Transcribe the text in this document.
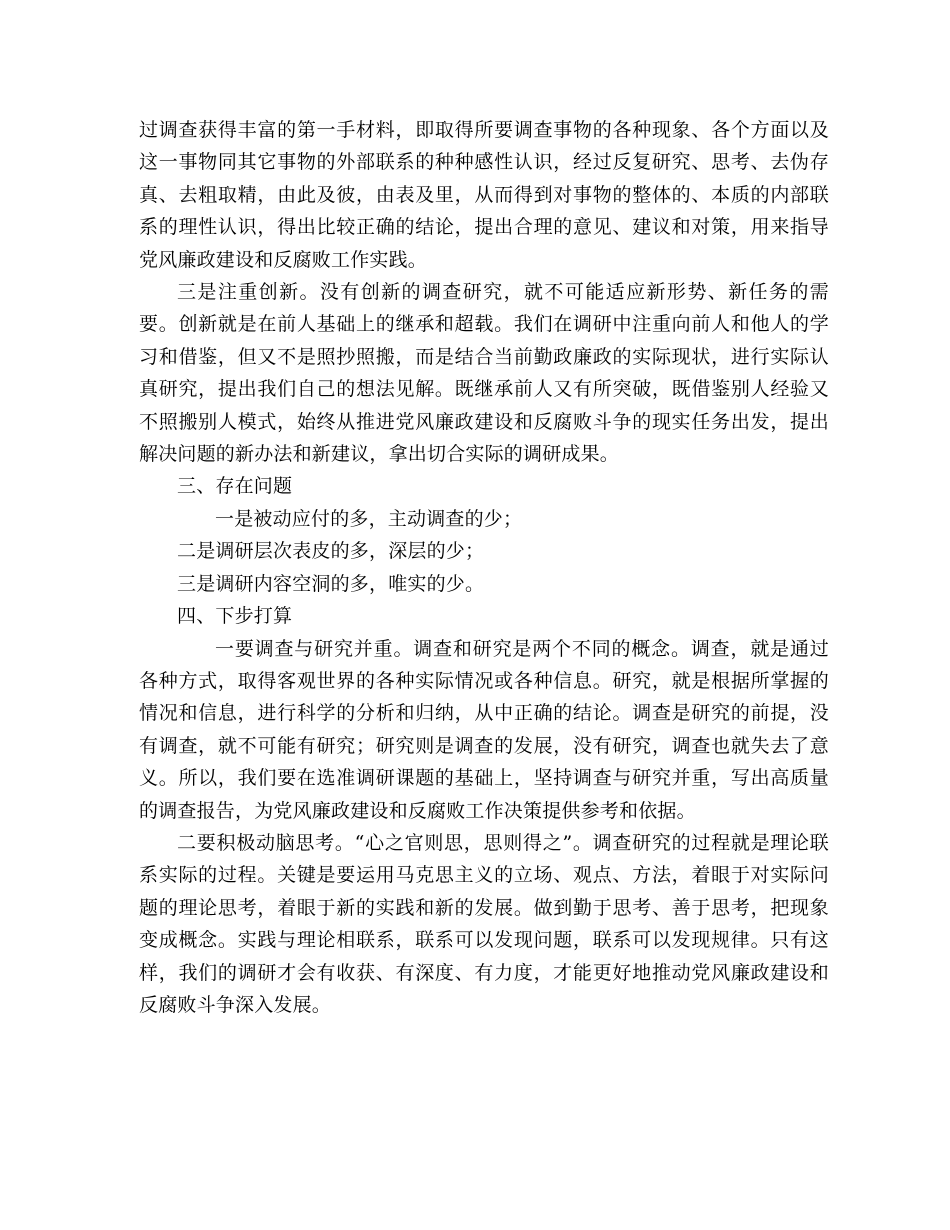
过调查获得丰富的第一手材料，即取得所要调查事物的各种现象、各个方面以及这一事物同其它事物的外部联系的种种感性认识，经过反复研究、思考、去伪存真、去粗取精，由此及彼，由表及里，从而得到对事物的整体的、本质的内部联系的理性认识，得出比较正确的结论，提出合理的意见、建议和对策，用来指导党风廉政建设和反腐败工作实践。

三是注重创新。没有创新的调查研究，就不可能适应新形势、新任务的需要。创新就是在前人基础上的继承和超载。我们在调研中注重向前人和他人的学习和借鉴，但又不是照抄照搬，而是结合当前勤政廉政的实际现状，进行实际认真研究，提出我们自己的想法见解。既继承前人又有所突破，既借鉴别人经验又不照搬别人模式，始终从推进党风廉政建设和反腐败斗争的现实任务出发，提出解决问题的新办法和新建议，拿出切合实际的调研成果。

三、存在问题

一是被动应付的多，主动调查的少；

二是调研层次表皮的多，深层的少；

三是调研内容空洞的多，唯实的少。

四、下步打算

一要调查与研究并重。调查和研究是两个不同的概念。调查，就是通过各种方式，取得客观世界的各种实际情况或各种信息。研究，就是根据所掌握的情况和信息，进行科学的分析和归纳，从中正确的结论。调查是研究的前提，没有调查，就不可能有研究；研究则是调查的发展，没有研究，调查也就失去了意义。所以，我们要在选准调研课题的基础上，坚持调查与研究并重，写出高质量的调查报告，为党风廉政建设和反腐败工作决策提供参考和依据。

二要积极动脑思考。“心之官则思，思则得之”。调查研究的过程就是理论联系实际的过程。关键是要运用马克思主义的立场、观点、方法，着眼于对实际问题的理论思考，着眼于新的实践和新的发展。做到勤于思考、善于思考，把现象变成概念。实践与理论相联系，联系可以发现问题，联系可以发现规律。只有这样，我们的调研才会有收获、有深度、有力度，才能更好地推动党风廉政建设和反腐败斗争深入发展。
